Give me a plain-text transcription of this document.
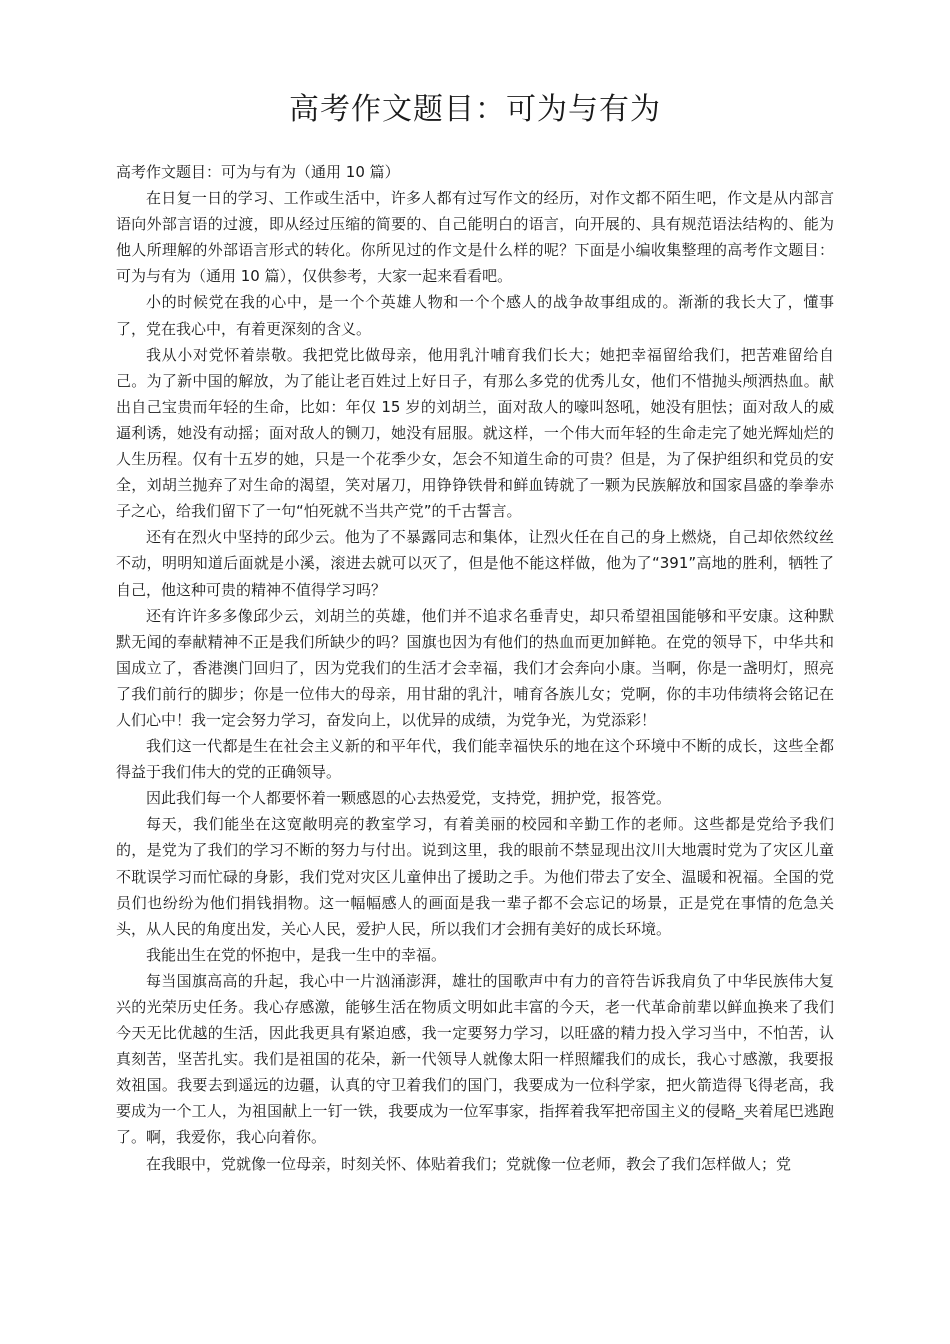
高考作文题目：可为与有为

高考作文题目：可为与有为（通用 10 篇）

在日复一日的学习、工作或生活中，许多人都有过写作文的经历，对作文都不陌生吧，作文是从内部言语向外部言语的过渡，即从经过压缩的简要的、自己能明白的语言，向开展的、具有规范语法结构的、能为他人所理解的外部语言形式的转化。你所见过的作文是什么样的呢？下面是小编收集整理的高考作文题目：可为与有为（通用 10 篇），仅供参考，大家一起来看看吧。

小的时候党在我的心中，是一个个英雄人物和一个个感人的战争故事组成的。渐渐的我长大了，懂事了，党在我心中，有着更深刻的含义。

我从小对党怀着崇敬。我把党比做母亲，他用乳汁哺育我们长大；她把幸福留给我们，把苦难留给自己。为了新中国的解放，为了能让老百姓过上好日子，有那么多党的优秀儿女，他们不惜抛头颅洒热血。献出自己宝贵而年轻的生命，比如：年仅 15 岁的刘胡兰，面对敌人的嚎叫怒吼，她没有胆怯；面对敌人的威逼利诱，她没有动摇；面对敌人的铡刀，她没有屈服。就这样，一个伟大而年轻的生命走完了她光辉灿烂的人生历程。仅有十五岁的她，只是一个花季少女，怎会不知道生命的可贵？但是，为了保护组织和党员的安全，刘胡兰抛弃了对生命的渴望，笑对屠刀，用铮铮铁骨和鲜血铸就了一颗为民族解放和国家昌盛的拳拳赤子之心，给我们留下了一句“怕死就不当共产党”的千古誓言。

还有在烈火中坚持的邱少云。他为了不暴露同志和集体，让烈火任在自己的身上燃烧，自己却依然纹丝不动，明明知道后面就是小溪，滚进去就可以灭了，但是他不能这样做，他为了“391”高地的胜利，牺牲了自己，他这种可贵的精神不值得学习吗？

还有许许多多像邱少云，刘胡兰的英雄，他们并不追求名垂青史，却只希望祖国能够和平安康。这种默默无闻的奉献精神不正是我们所缺少的吗？国旗也因为有他们的热血而更加鲜艳。在党的领导下，中华共和国成立了，香港澳门回归了，因为党我们的生活才会幸福，我们才会奔向小康。当啊，你是一盏明灯，照亮了我们前行的脚步；你是一位伟大的母亲，用甘甜的乳汁，哺育各族儿女；党啊，你的丰功伟绩将会铭记在人们心中！我一定会努力学习，奋发向上，以优异的成绩，为党争光，为党添彩！

我们这一代都是生在社会主义新的和平年代，我们能幸福快乐的地在这个环境中不断的成长，这些全都得益于我们伟大的党的正确领导。

因此我们每一个人都要怀着一颗感恩的心去热爱党，支持党，拥护党，报答党。

每天，我们能坐在这宽敞明亮的教室学习，有着美丽的校园和辛勤工作的老师。这些都是党给予我们的，是党为了我们的学习不断的努力与付出。说到这里，我的眼前不禁显现出汶川大地震时党为了灾区儿童不耽误学习而忙碌的身影，我们党对灾区儿童伸出了援助之手。为他们带去了安全、温暖和祝福。全国的党员们也纷纷为他们捐钱捐物。这一幅幅感人的画面是我一辈子都不会忘记的场景，正是党在事情的危急关头，从人民的角度出发，关心人民，爱护人民，所以我们才会拥有美好的成长环境。

我能出生在党的怀抱中，是我一生中的幸福。

每当国旗高高的升起，我心中一片汹涌澎湃，雄壮的国歌声中有力的音符告诉我肩负了中华民族伟大复兴的光荣历史任务。我心存感激，能够生活在物质文明如此丰富的今天，老一代革命前辈以鲜血换来了我们今天无比优越的生活，因此我更具有紧迫感，我一定要努力学习，以旺盛的精力投入学习当中，不怕苦，认真刻苦，坚苦扎实。我们是祖国的花朵，新一代领导人就像太阳一样照耀我们的成长，我心寸感激，我要报效祖国。我要去到遥远的边疆，认真的守卫着我们的国门，我要成为一位科学家，把火箭造得飞得老高，我要成为一个工人，为祖国献上一钉一铁，我要成为一位军事家，指挥着我军把帝国主义的侵略_夹着尾巴逃跑了。啊，我爱你，我心向着你。

在我眼中，党就像一位母亲，时刻关怀、体贴着我们；党就像一位老师，教会了我们怎样做人；党
